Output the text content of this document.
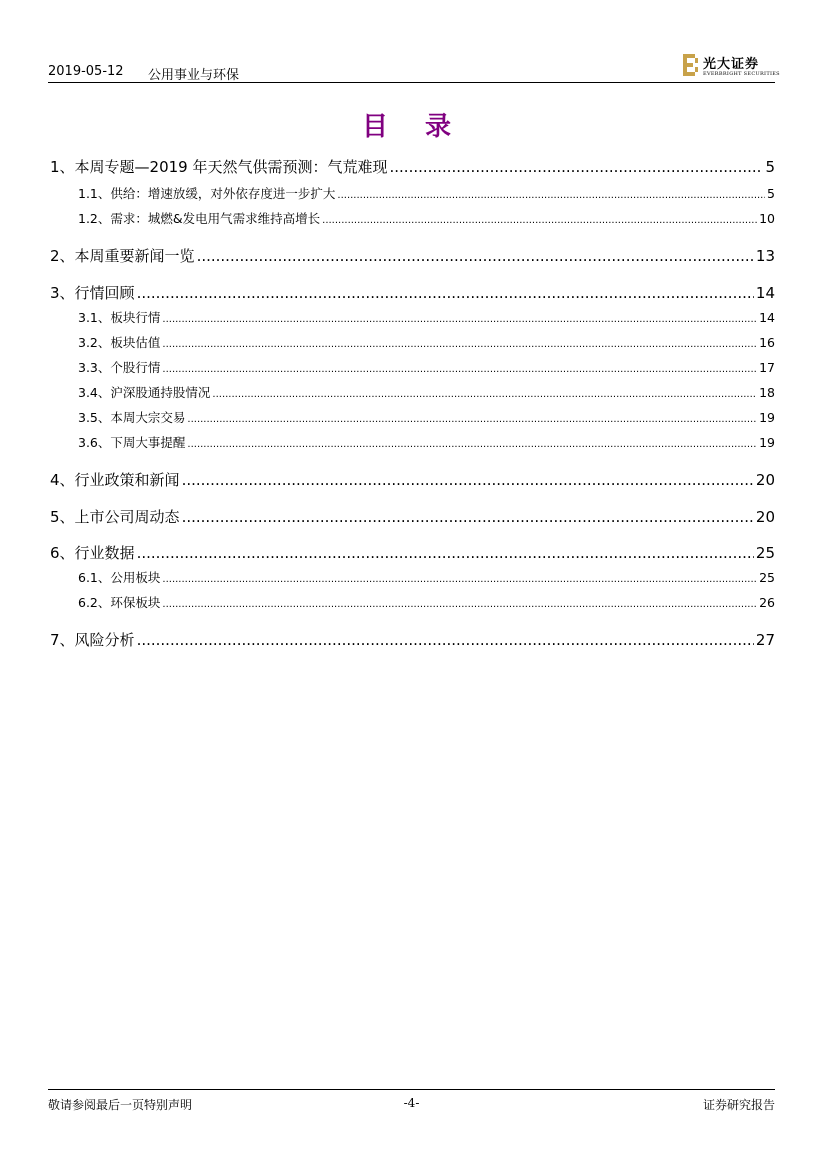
2019-05-12 公用事业与环保
光大证券
EVERBRIGHT SECURITIES
目 录
1、 本周专题—2019 年天然气供需预测：气荒难现 .....	5
1.1、 供给：增速放缓，对外依存度进一步扩大 .....	5
1.2、 需求：城燃&发电用气需求维持高增长 .....	10
2、 本周重要新闻一览 .....	13
3、 行情回顾 .....	14
3.1、 板块行情 .....	14
3.2、 板块估值 .....	16
3.3、 个股行情 .....	17
3.4、 沪深股通持股情况 .....	18
3.5、 本周大宗交易 .....	19
3.6、 下周大事提醒 .....	19
4、 行业政策和新闻 .....	20
5、 上市公司周动态 .....	20
6、 行业数据 .....	25
6.1、 公用板块 .....	25
6.2、 环保板块 .....	26
7、 风险分析 .....	27
敬请参阅最后一页特别声明	-4-	证券研究报告
